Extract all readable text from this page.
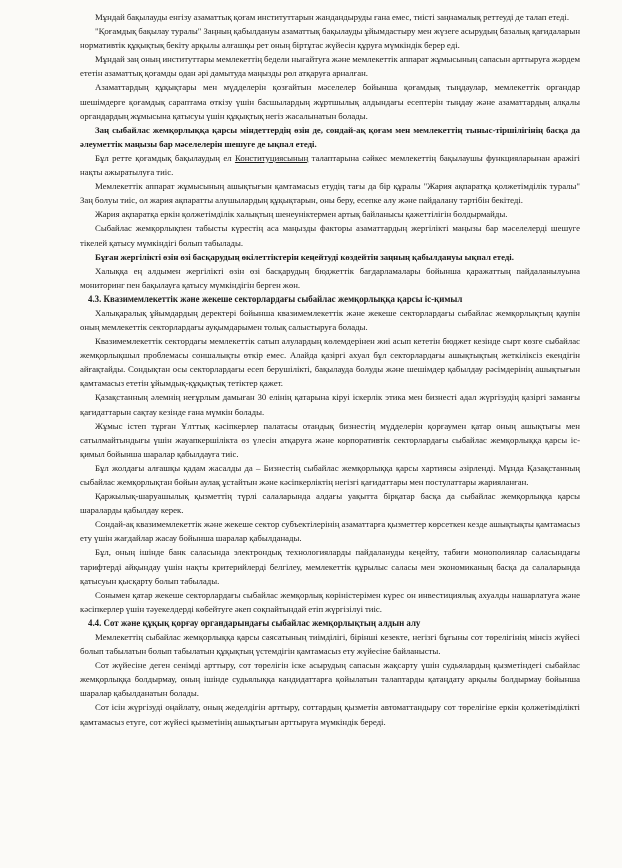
Мұндай бақылауды енгізу азаматтық қоғам институттарын жандандыруды ғана емес, тиісті заңнамалық реттеуді де талап етеді.

"Қоғамдық бақылау туралы" Заңның қабылдануы азаматтық бақылауды ұйымдастыру мен жүзеге асырудың базалық қағидаларын нормативтік құқықтық бекіту арқылы алғашқы рет оның біртұтас жүйесін құруға мүмкіндік берер еді.

Мұндай заң оның институттары мемлекеттің бедели ныгайтуға және мемлекеттік аппарат жұмысының сапасын арттыруға жәрдем ететін азаматтық қоғамды одан әрі дамытуда маңызды рөл атқаруға арналған.

Азаматтардың құқықтары мен мүдделерін қозғайтын мәселелер бойынша қоғамдық тыңдаулар, мемлекеттік органдар шешімдерге қоғамдық сараптама өткізу үшін басшылардың жұртшылық алдындағы есептерін тыңдау және азаматтардың алқалы органдардың жұмысына қатысуы үшін құқықтық негіз жасалынатын болады.

Заң сыбайлас жемқорлыққа қарсы міндеттердің өзін де, сондай-ақ қоғам мен мемлекеттің тыныс-тіршілігінің басқа да әлеуметтік маңызы бар мәселелерін шешуге де ықпал етеді.

Бұл ретте қоғамдық бақылаудың ел Конституциясының талаптарына сәйкес мемлекеттің бақылаушы функцияларынан аражігі нақты ажыратылуға тиіс.

Мемлекеттік аппарат жұмысының ашықтығын қамтамасыз етудің тағы да бір құралы "Жария ақпаратқа қолжетімділік туралы" Заң болуы тиіс, ол жария ақпаратты алушылардың құқықтарын, оны беру, есепке алу және пайдалану тәртібін бекітеді.

Жария ақпаратқа еркін қолжетімділік халықтың шенеуніктермен артық байланысы қажеттілігін болдырмайды.

Сыбайлас жемқорлықпен табысты күрестің аса маңызды факторы азаматтардың жергілікті маңызы бар мәселелерді шешуге тікелей қатысу мүмкіндігі болып табылады.

Бұған жергілікті өзін өзі басқарудың өкілеттіктерін кеңейтуді көздейтін заңның қабылдануы ықпал етеді.

Халыққа ең алдымен жергілікті өзін өзі басқарудың бюджеттік бағдарламалары бойынша қаражаттың пайдаланылуына мониторинг пен бақылауға қатысу мүмкіндігін берген жөн.

4.3. Квазимемлекеттік және жекеше секторлардағы сыбайлас жемқорлыққа қарсы іс-қимыл

Халықаралық ұйымдардың деректері бойынша квазимемлекеттік және жекеше секторлардағы сыбайлас жемқорлықтың қаупін оның мемлекеттік секторлардағы ауқымдарымен толық салыстыруға болады.

Квазимемлекеттік сектордағы мемлекеттік сатып алулардың көлемдерінен жиі асып кететін бюджет кезінде сырт көзге сыбайлас жемқорлықшыл проблемасы соншалықты өткір емес. Алайда қазіргі ахуал бұл секторлардағы ашықтықтың жеткіліксіз екендігін айғақтайды. Сондықтан осы секторлардағы есеп берушілікті, бақылауда болуды және шешімдер қабылдау рәсімдерінің ашықтығын қамтамасыз ететін ұйымдық-құқықтық тетіктер қажет.

Қазақстанның әлемнің неғұрлым дамыған 30 елінің қатарына кіруі іскерлік этика мен бизнесті адал жүргізудің қазіргі заманғы қағидаттарын сақтау кезінде ғана мүмкін болады.

Жұмыс істеп тұрған Ұлттық кәсіпкерлер палатасы отандық бизнестің мүдделерін қорғаумен қатар оның ашықтығы мен сатылмайтындығы үшін жауапкершілікта өз үлесін атқаруға және корпоративтік секторлардағы сыбайлас жемқорлыққа қарсы іс-қимыл бойынша шаралар қабылдауға тиіс.

Бұл жолдағы алғашқы қадам жасалды да – Бизнестің сыбайлас жемқорлыққа қарсы хартиясы әзірленді. Мұнда Қазақстанның сыбайлас жемқорлықтан бойын аулақ ұстайтын және кәсіпкерліктің негізгі қағидаттары мен постулаттары жарияланған.

Қаржылық-шаруашылық қызметтің түрлі салаларында алдағы уақытта бірқатар басқа да сыбайлас жемқорлыққа қарсы шараларды қабылдау керек.

Сондай-ақ квазимемлекеттік және жекеше сектор субъектілерінің азаматтарға қызметтер көрсеткен кезде ашықтықты қамтамасыз ету үшін жағдайлар жасау бойынша шаралар қабылданады.

Бұл, оның ішінде банк саласында электрондық технологияларды пайдалануды кеңейту, табиғи монополиялар саласындағы тарифтерді айқындау үшін нақты критерийлерді белгілеу, мемлекеттік құрылыс саласы мен экономиканың басқа да салаларында қатысуын қысқарту болып табылады.

Сонымен қатар жекеше секторлардағы сыбайлас жемқорлық көріністерімен күрес он инвестициялық ахуалды нашарлатуға және кәсіпкерлер үшін тәуекелдерді көбейтуге әкеп соқпайтындай етіп жүргізілуі тиіс.

4.4. Сот және құқық қорғау органдарындағы сыбайлас жемқорлықтың алдын алу

Мемлекеттің сыбайлас жемқорлыққа қарсы саясатының тиімділігі, бірінші кезекте, негізгі бұғыны сот төрелігінің мінсіз жүйесі болып табылатын болып табылатын құқықтың үстемдігін қамтамасыз ету жүйесіне байланысты.

Сот жүйесіне деген сенімді арттыру, сот төрелігін іске асырудың сапасын жақсарту үшін судьялардың қызметіндегі сыбайлас жемқорлыққа болдырмау, оның ішінде судьялыққа кандидаттарға қойылатын талаптарды қатаңдату арқылы болдырмау бойынша шаралар қабылданатын болады.

Сот ісін жүргізуді оңайлату, оның жеделдігін арттыру, соттардың қызметін автоматтандыру сот төрелігіне еркін қолжетімділікті қамтамасыз етуге, сот жүйесі қызметінің ашықтығын арттыруға мүмкіндік береді.
